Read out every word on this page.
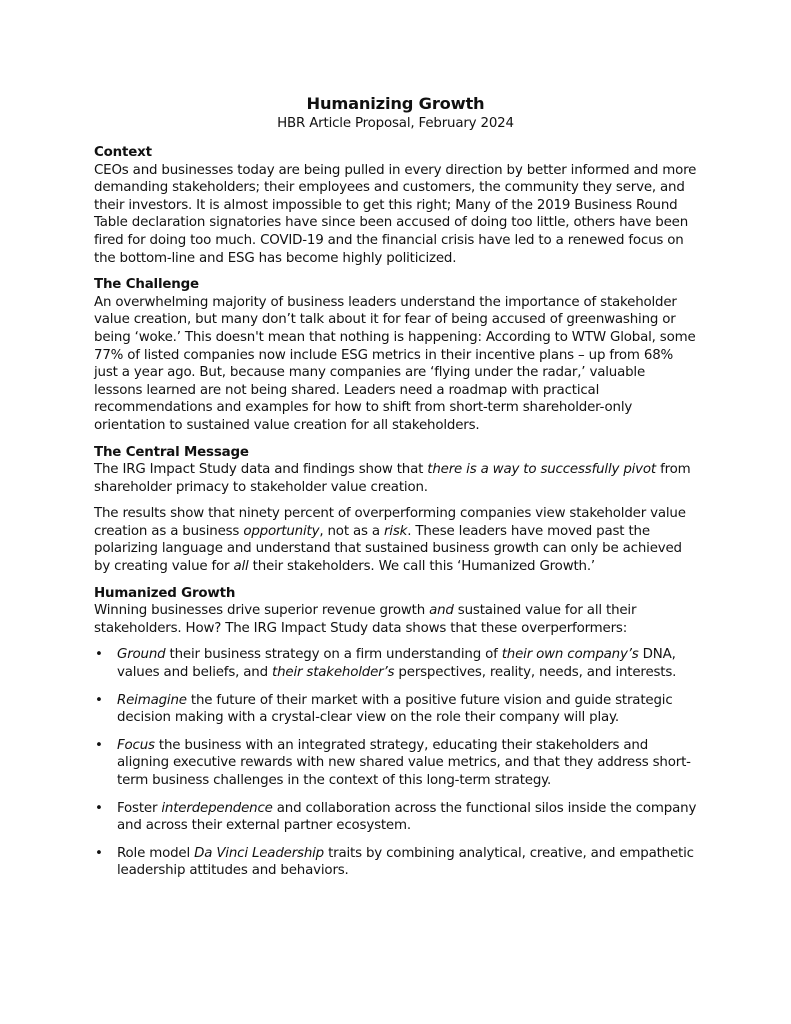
Humanizing Growth
HBR Article Proposal, February 2024
Context

CEOs and businesses today are being pulled in every direction by better informed and more demanding stakeholders; their employees and customers, the community they serve, and their investors. It is almost impossible to get this right; Many of the 2019 Business Round Table declaration signatories have since been accused of doing too little, others have been fired for doing too much. COVID-19 and the financial crisis have led to a renewed focus on the bottom-line and ESG has become highly politicized.

The Challenge

An overwhelming majority of business leaders understand the importance of stakeholder value creation, but many don’t talk about it for fear of being accused of greenwashing or being ‘woke.’ This doesn't mean that nothing is happening: According to WTW Global, some 77% of listed companies now include ESG metrics in their incentive plans – up from 68% just a year ago. But, because many companies are ‘flying under the radar,’ valuable lessons learned are not being shared. Leaders need a roadmap with practical recommendations and examples for how to shift from short-term shareholder-only orientation to sustained value creation for all stakeholders.

The Central Message

The IRG Impact Study data and findings show that there is a way to successfully pivot from shareholder primacy to stakeholder value creation.

The results show that ninety percent of overperforming companies view stakeholder value creation as a business opportunity, not as a risk. These leaders have moved past the polarizing language and understand that sustained business growth can only be achieved by creating value for all their stakeholders. We call this ‘Humanized Growth.’

Humanized Growth

Winning businesses drive superior revenue growth and sustained value for all their stakeholders. How? The IRG Impact Study data shows that these overperformers:

• Ground their business strategy on a firm understanding of their own company’s DNA, values and beliefs, and their stakeholder’s perspectives, reality, needs, and interests.
• Reimagine the future of their market with a positive future vision and guide strategic decision making with a crystal-clear view on the role their company will play.
• Focus the business with an integrated strategy, educating their stakeholders and aligning executive rewards with new shared value metrics, and that they address short-term business challenges in the context of this long-term strategy.
• Foster interdependence and collaboration across the functional silos inside the company and across their external partner ecosystem.
• Role model Da Vinci Leadership traits by combining analytical, creative, and empathetic leadership attitudes and behaviors.
